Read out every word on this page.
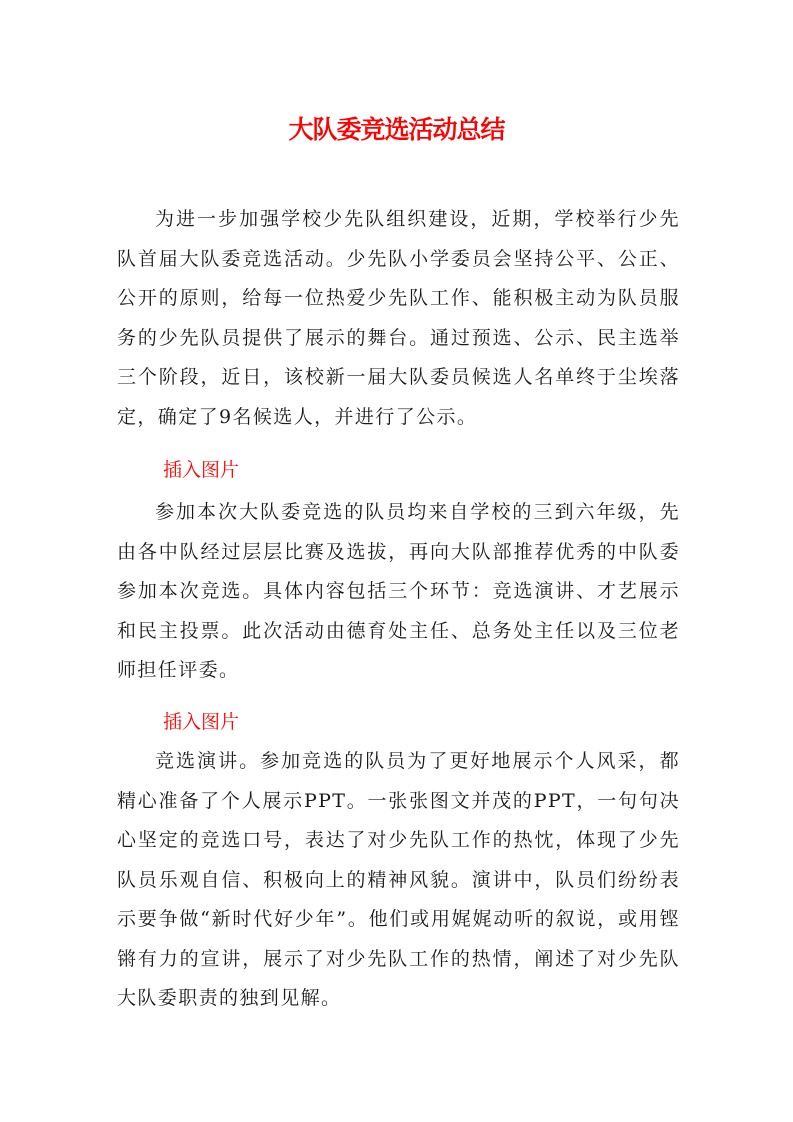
大队委竞选活动总结
为进一步加强学校少先队组织建设，近期，学校举行少先队首届大队委竞选活动。少先队小学委员会坚持公平、公正、公开的原则，给每一位热爱少先队工作、能积极主动为队员服务的少先队员提供了展示的舞台。通过预选、公示、民主选举三个阶段，近日，该校新一届大队委员候选人名单终于尘埃落定，确定了9名候选人，并进行了公示。
插入图片
参加本次大队委竞选的队员均来自学校的三到六年级，先由各中队经过层层比赛及选拔，再向大队部推荐优秀的中队委参加本次竞选。具体内容包括三个环节：竞选演讲、才艺展示和民主投票。此次活动由德育处主任、总务处主任以及三位老师担任评委。
插入图片
竞选演讲。参加竞选的队员为了更好地展示个人风采，都精心准备了个人展示PPT。一张张图文并茂的PPT，一句句决心坚定的竞选口号，表达了对少先队工作的热忱，体现了少先队员乐观自信、积极向上的精神风貌。演讲中，队员们纷纷表示要争做“新时代好少年”。他们或用娓娓动听的叙说，或用铿锵有力的宣讲，展示了对少先队工作的热情，阐述了对少先队大队委职责的独到见解。
